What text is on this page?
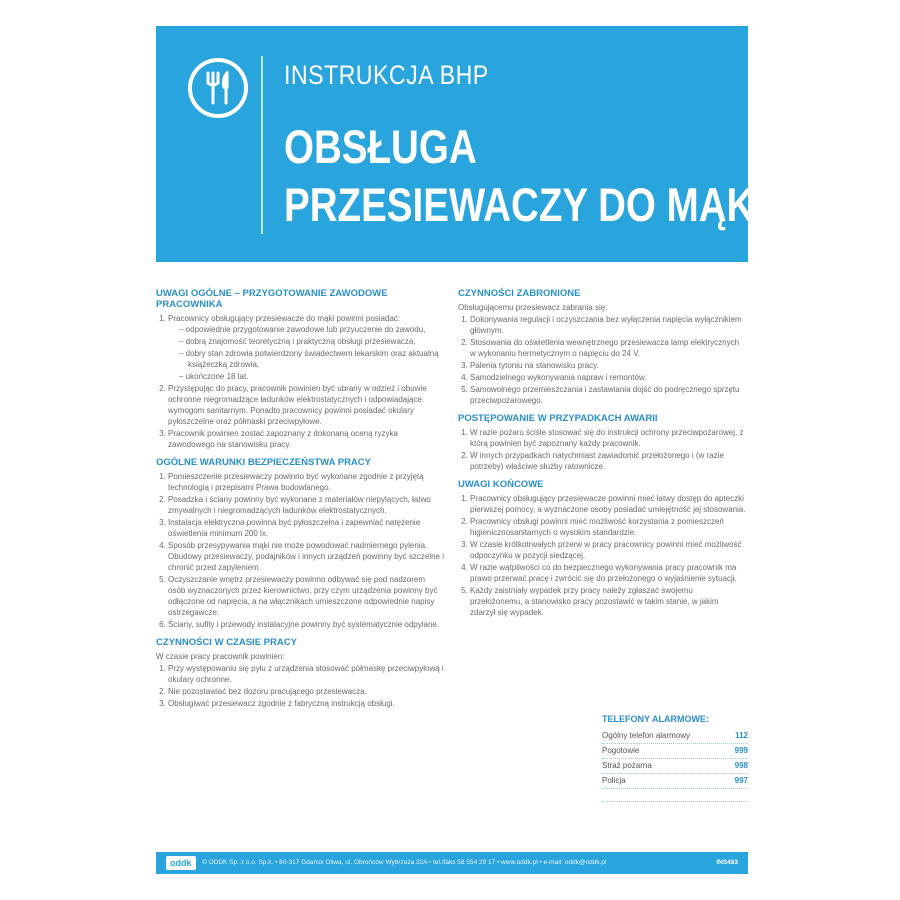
INSTRUKCJA BHP
OBSŁUGA
PRZESIEWACZY DO MĄKI
UWAGI OGÓLNE – PRZYGOTOWANIE ZAWODOWE PRACOWNIKA
1. Pracownicy obsługujący przesiewacze do mąki powinni posiadać:
– odpowiednie przygotowanie zawodowe lub przyuczenie do zawodu,
– dobrą znajomość teoretyczną i praktyczną obsługi przesiewacza,
– dobry stan zdrowia potwierdzony świadectwem lekarskim oraz aktualną książeczką zdrowia,
– ukończone 18 lat.
2. Przystępując do pracy, pracownik powinien być ubrany w odzież i obuwie ochronne niegromadzące ładunków elektrostatycznych i odpowiadające wymogom sanitarnym. Ponadto pracownicy powinni posiadać okulary pyłoszczelne oraz półmaski przeciwpyłowe.
3. Pracownik powinien zostać zapoznany z dokonaną oceną ryzyka zawodowego na stanowisku pracy.
OGÓLNE WARUNKI BEZPIECZEŃSTWA PRACY
1. Pomieszczenie przesiewaczy powinno być wykonane zgodnie z przyjętą technologią i przepisami Prawa budowlanego.
2. Posadzka i ściany powinny być wykonane z materiałów niepylących, łatwo zmywalnych i niegromadzących ładunków elektrostatycznych.
3. Instalacja elektryczna powinna być pyłoszczelna i zapewniać natężenie oświetlenia minimum 200 lx.
4. Sposób przesypywania mąki nie może powodować nadmiernego pylenia. Obudowy przesiewaczy, podajników i innych urządzeń powinny być szczelne i chronić przed zapyleniem.
5. Oczyszczanie wnętrz przesiewaczy powinno odbywać się pod nadzorem osób wyznaczonych przez kierownictwo, przy czym urządzenia powinny być odłączone od napięcia, a na włącznikach umieszczone odpowiednie napisy ostrzegawcze.
6. Ściany, sufity i przewody instalacyjne powinny być systematycznie odpylane.
CZYNNOŚCI W CZASIE PRACY

W czasie pracy pracownik powinien:

1. Przy występowaniu się pyłu z urządzenia stosować półmaskę przeciwpyłową i okulary ochronne.
2. Nie pozostawiać bez dozoru pracującego przesiewacza.
3. Obsługiwać przesiewacz zgodnie z fabryczną instrukcją obsługi.
CZYNNOŚCI ZABRONIONE

Obsługującemu przesiewacz zabrania się:

1. Dokonywania regulacji i oczyszczania bez wyłączenia napięcia wyłącznikiem głównym.
2. Stosowania do oświetlenia wewnętrznego przesiewacza lamp elektrycznych w wykonaniu hermetycznym o napięciu do 24 V.
3. Palenia tytoniu na stanowisku pracy.
4. Samodzielnego wykonywania napraw i remontów.
5. Samowolnego przemieszczania i zastawiania dojść do podręcznego sprzętu przeciwpożarowego.
POSTĘPOWANIE W PRZYPADKACH AWARII
1. W razie pożaru ściśle stosować się do instrukcji ochrony przeciwpożarowej, z którą powinien być zapoznany każdy pracownik.
2. W innych przypadkach natychmiast zawiadomić przełożonego i (w razie potrzeby) właściwe służby ratownicze.
UWAGI KOŃCOWE
1. Pracownicy obsługujący przesiewacze powinni mieć łatwy dostęp do apteczki pierwszej pomocy, a wyznaczone osoby posiadać umiejętność jej stosowania.
2. Pracownicy obsługi powinni mieć możliwość korzystania z pomieszczeń higienicznosanitarnych o wysokim standardzie.
3. W czasie krótkotrwałych przerw w pracy pracownicy powinni mieć możliwość odpoczynku w pozycji siedzącej.
4. W razie wątpliwości co do bezpiecznego wykonywania pracy pracownik ma prawo przerwać pracę i zwrócić się do przełożonego o wyjaśnienie sytuacji.
5. Każdy zaistniały wypadek przy pracy należy zgłaszać swojemu przełożonemu, a stanowisko pracy pozostawić w takim stanie, w jakim zdarzył się wypadek.
TELEFONY ALARMOWE:
Ogólny telefon alarmowy	112
Pogotowie	999
Straż pożarna	998
Policja	997
oddk	© ODDK Sp. z o.o. Sp.k. • 80-317 Gdańsk Oliwa, ul. Obrońców Wybrzeża 32A • tel./faks 58 554 29 17 • www.oddk.pl • e-mail: oddk@oddk.pl	INS483
